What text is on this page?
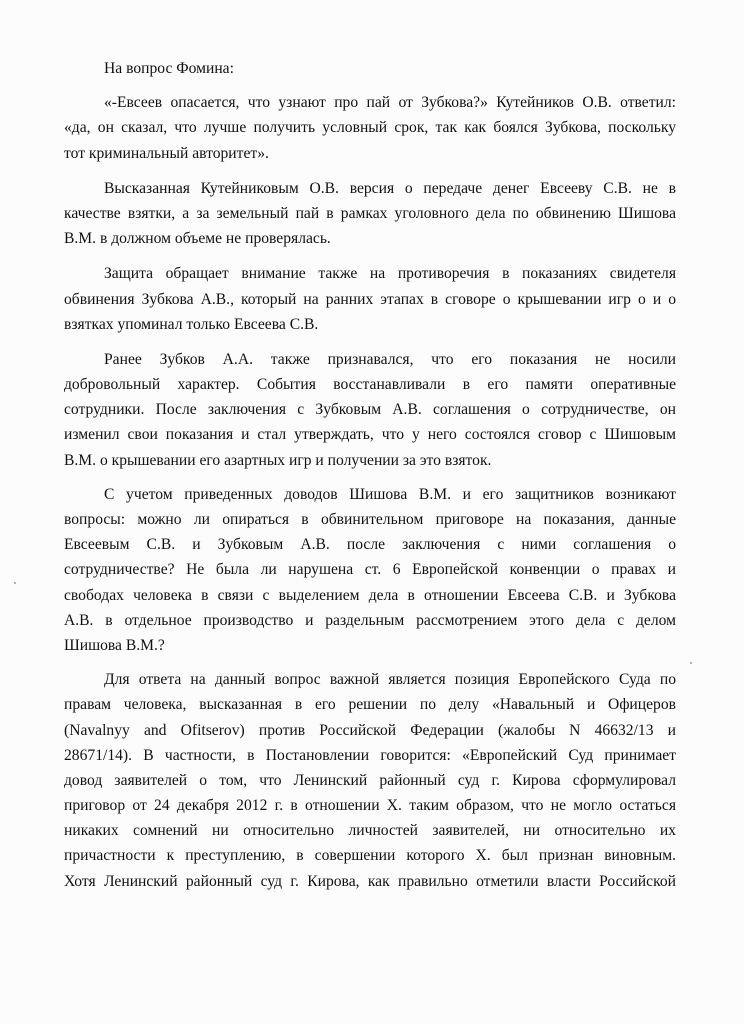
На вопрос Фомина:
«-Евсеев опасается, что узнают про пай от Зубкова?» Кутейников О.В. ответил:
«да, он сказал, что лучше получить условный срок, так как боялся Зубкова, поскольку
тот криминальный авторитет».
Высказанная Кутейниковым О.В. версия о передаче денег Евсееву С.В. не в
качестве взятки, а за земельный пай в рамках уголовного дела по обвинению Шишова
В.М. в должном объеме не проверялась.
Защита обращает внимание также на противоречия в показаниях свидетеля
обвинения Зубкова А.В., который на ранних этапах в сговоре о крышевании игр о и о
взятках упоминал только Евсеева С.В.
Ранее Зубков А.А. также признавался, что его показания не носили
добровольный характер. События восстанавливали в его памяти оперативные
сотрудники. После заключения с Зубковым А.В. соглашения о сотрудничестве, он
изменил свои показания и стал утверждать, что у него состоялся сговор с Шишовым
В.М. о крышевании его азартных игр и получении за это взяток.
С учетом приведенных доводов Шишова В.М. и его защитников возникают
вопросы: можно ли опираться в обвинительном приговоре на показания, данные
Евсеевым С.В. и Зубковым А.В. после заключения с ними соглашения о
сотрудничестве? Не была ли нарушена ст. 6 Европейской конвенции о правах и
свободах человека в связи с выделением дела в отношении Евсеева С.В. и Зубкова
А.В. в отдельное производство и раздельным рассмотрением этого дела с делом
Шишова В.М.?
Для ответа на данный вопрос важной является позиция Европейского Суда по
правам человека, высказанная в его решении по делу «Навальный и Офицеров
(Navalnyy and Ofitserov) против Российской Федерации (жалобы N 46632/13 и
28671/14). В частности, в Постановлении говорится: «Европейский Суд принимает
довод заявителей о том, что Ленинский районный суд г. Кирова сформулировал
приговор от 24 декабря 2012 г. в отношении Х. таким образом, что не могло остаться
никаких сомнений ни относительно личностей заявителей, ни относительно их
причастности к преступлению, в совершении которого Х. был признан виновным.
Хотя Ленинский районный суд г. Кирова, как правильно отметили власти Российской
